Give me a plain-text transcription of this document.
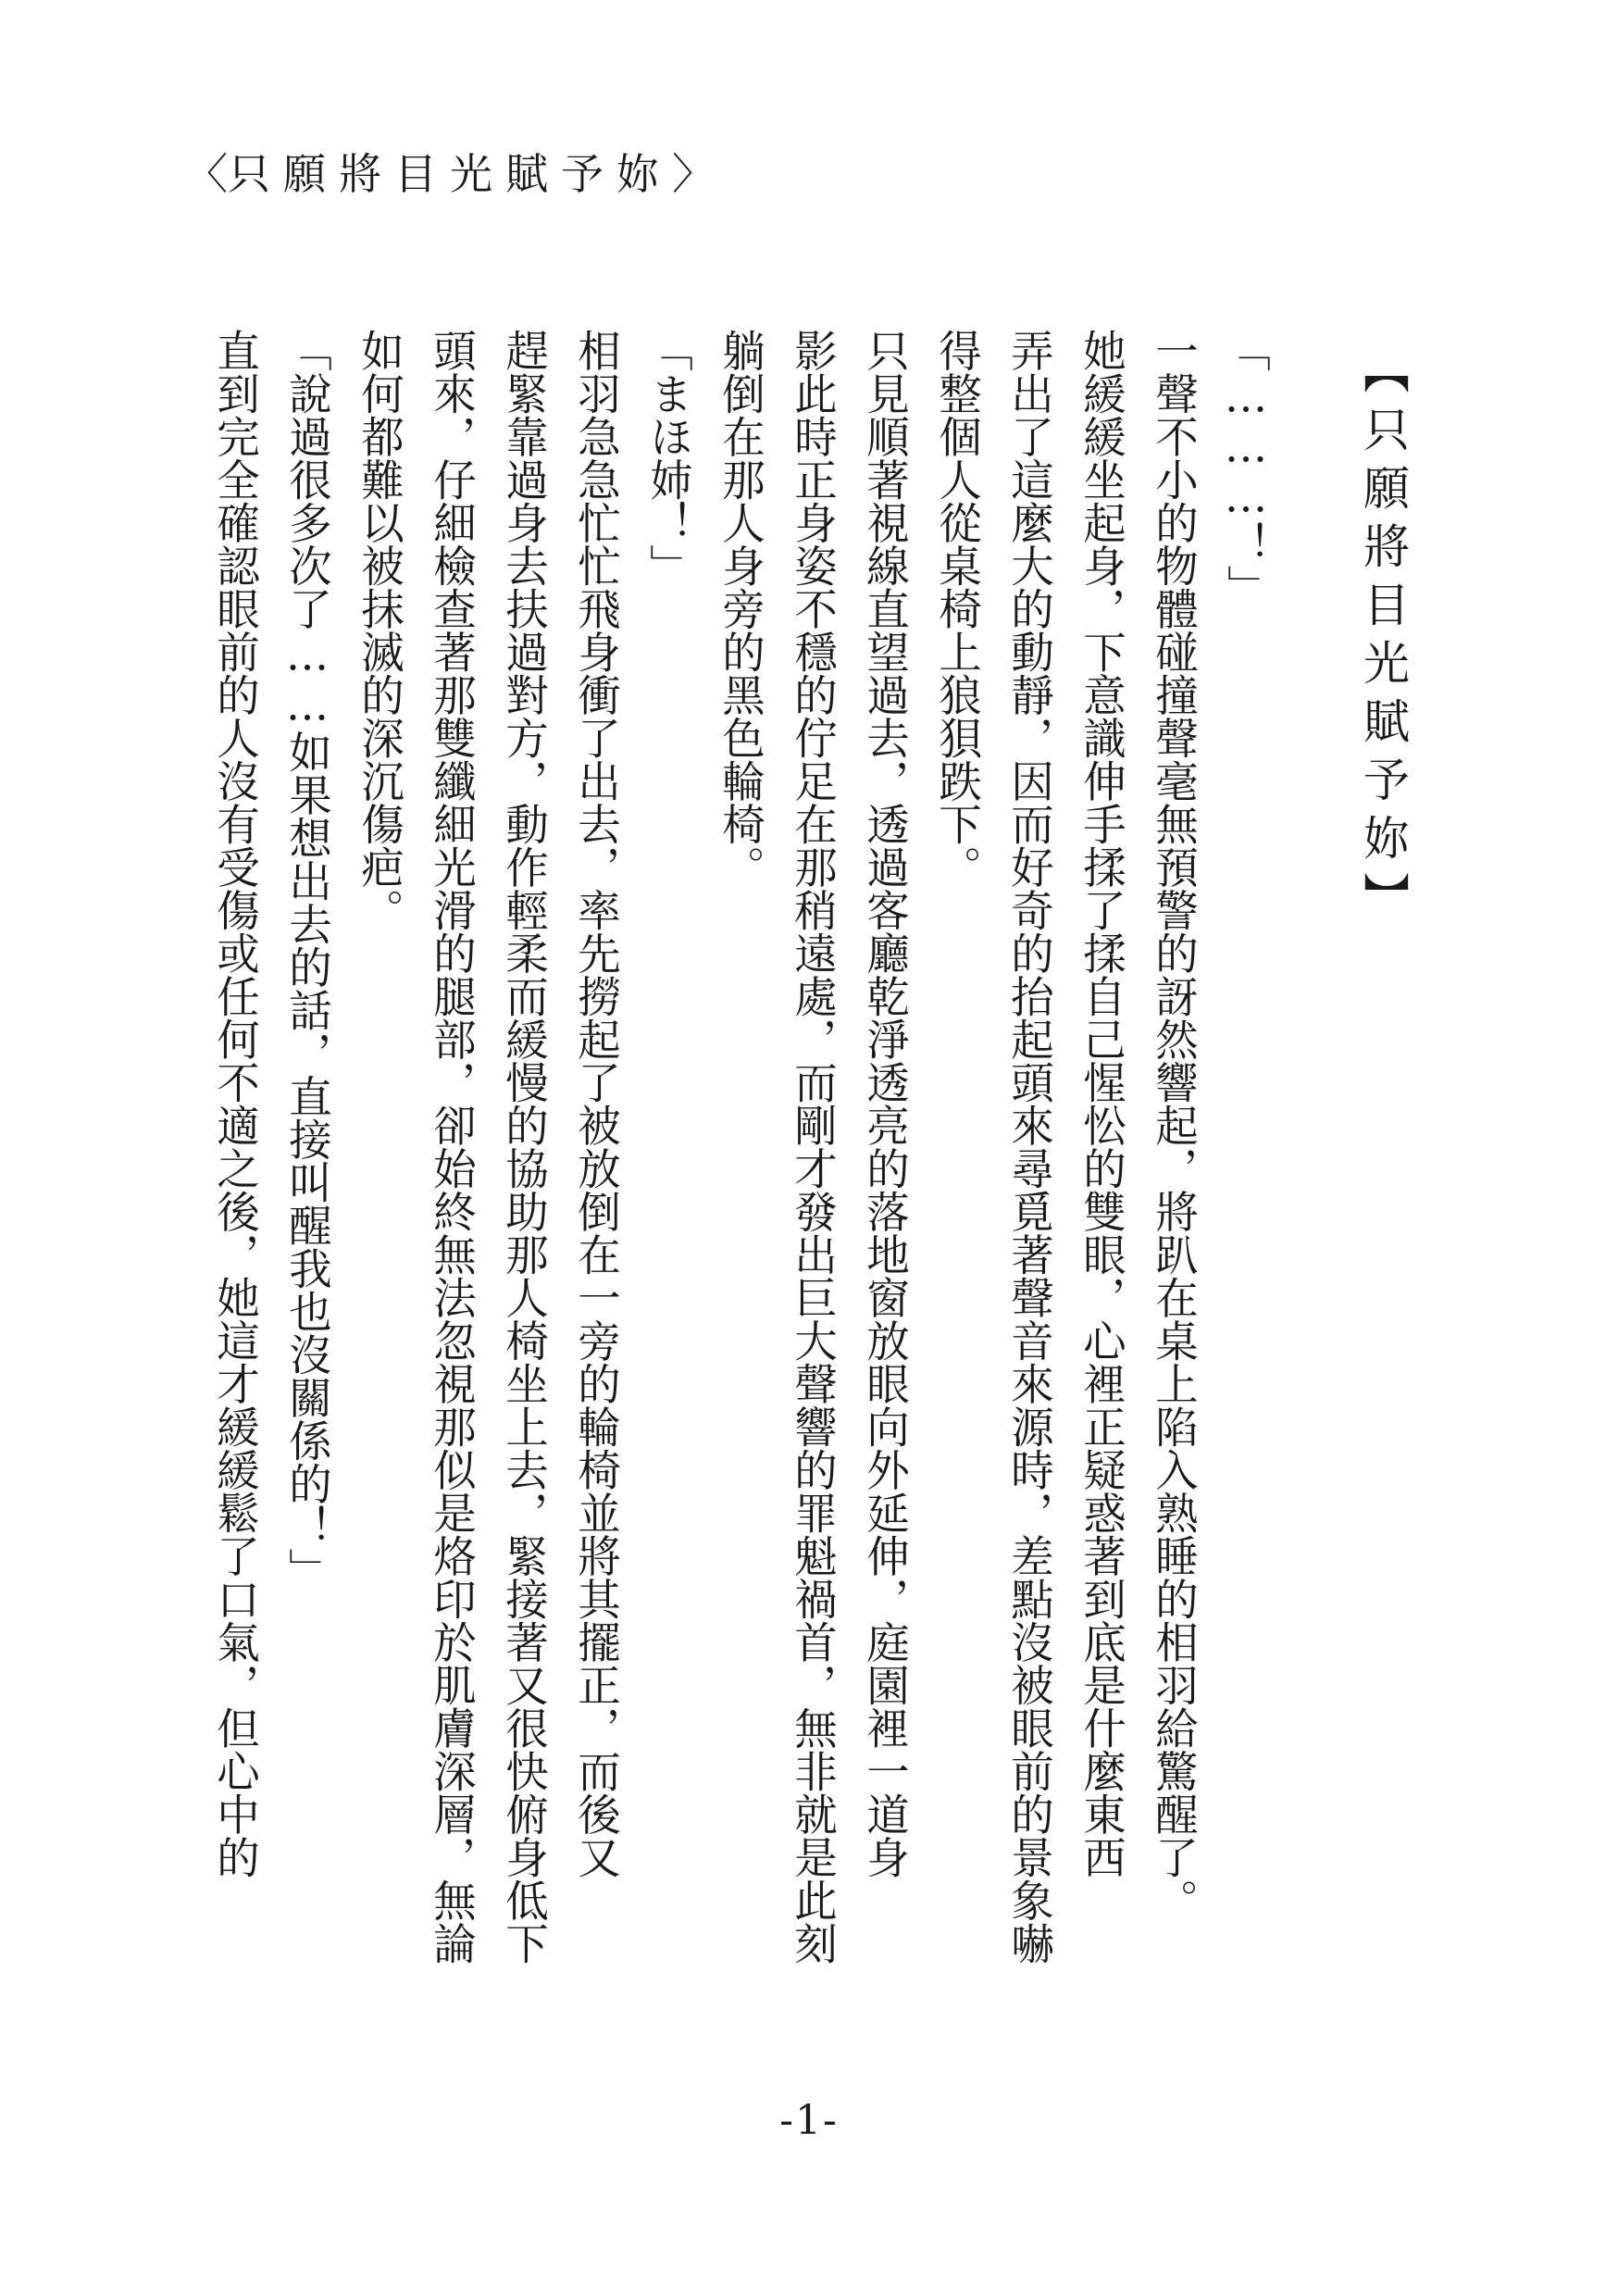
〈只願將目光賦予妳〉
【只願將目光賦予妳】
「………！」
一聲不小的物體碰撞聲毫無預警的訝然響起，將趴在桌上陷入熟睡的相羽給驚醒了。
她緩緩坐起身，下意識伸手揉了揉自己惺忪的雙眼，心裡正疑惑著到底是什麼東西
弄出了這麼大的動靜，因而好奇的抬起頭來尋覓著聲音來源時，差點沒被眼前的景象嚇
得整個人從桌椅上狼狽跌下。
只見順著視線直望過去，透過客廳乾淨透亮的落地窗放眼向外延伸，庭園裡一道身
影此時正身姿不穩的佇足在那稍遠處，而剛才發出巨大聲響的罪魁禍首，無非就是此刻
躺倒在那人身旁的黑色輪椅。
「まほ姉！」
相羽急急忙忙飛身衝了出去，率先撈起了被放倒在一旁的輪椅並將其擺正，而後又
趕緊靠過身去扶過對方，動作輕柔而緩慢的協助那人椅坐上去，緊接著又很快俯身低下
頭來，仔細檢查著那雙纖細光滑的腿部，卻始終無法忽視那似是烙印於肌膚深層，無論
如何都難以被抹滅的深沉傷疤。
「說過很多次了……如果想出去的話，直接叫醒我也沒關係的！」
直到完全確認眼前的人沒有受傷或任何不適之後，她這才緩緩鬆了口氣，但心中的
-1-
